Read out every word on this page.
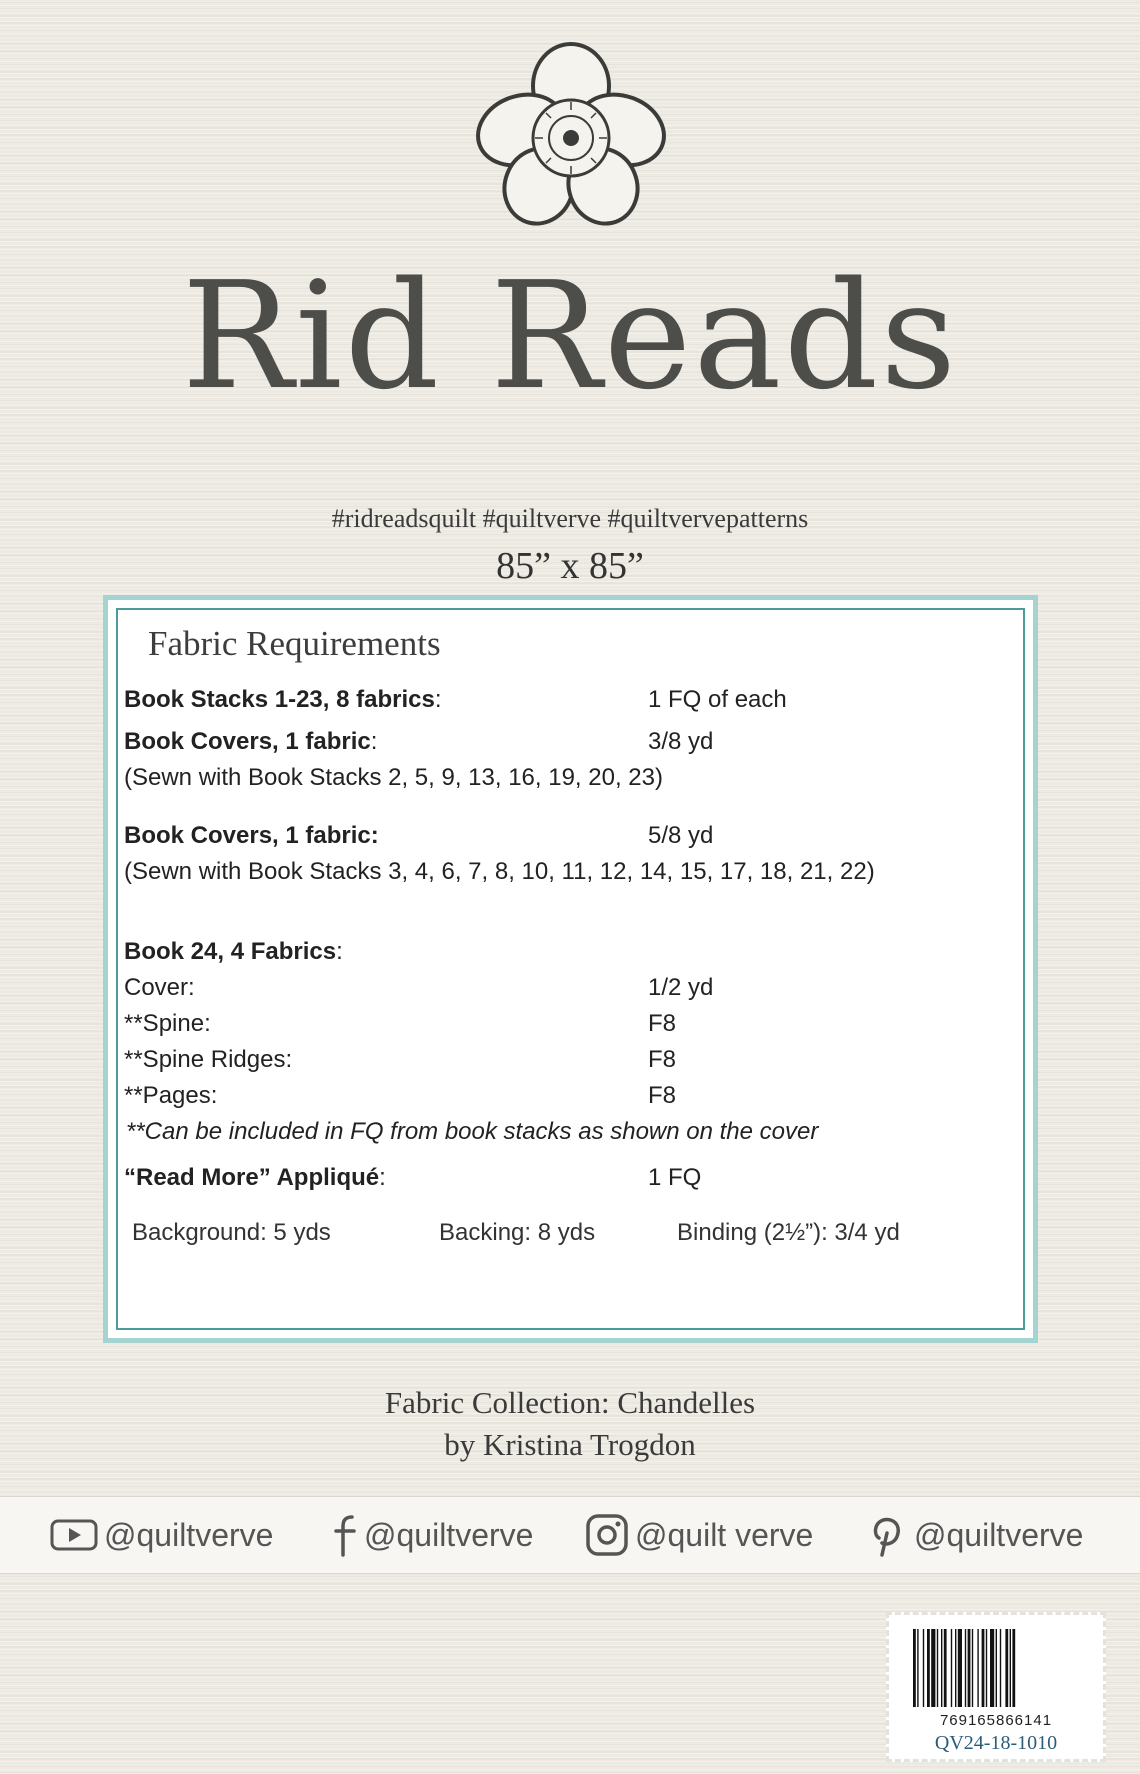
Rid Reads
#ridreadsquilt #quiltverve #quiltvervepatterns
85” x 85”
Fabric Requirements
Book Stacks 1-23, 8 fabrics:	1 FQ of each
Book Covers, 1 fabric:	3/8 yd
(Sewn with Book Stacks 2, 5, 9, 13, 16, 19, 20, 23)
Book Covers, 1 fabric:	5/8 yd
(Sewn with Book Stacks 3, 4, 6, 7, 8, 10, 11, 12, 14, 15, 17, 18, 21, 22)
Book 24, 4 Fabrics:
Cover:	1/2 yd
**Spine:	F8
**Spine Ridges:	F8
**Pages:	F8
**Can be included in FQ from book stacks as shown on the cover
“Read More” Appliqué:	1 FQ
Background: 5 yds	Backing: 8 yds	Binding (2½”): 3/4 yd
Fabric Collection: Chandelles
by Kristina Trogdon
@quiltverve	@quiltverve	@quilt verve	@quiltverve
769165866141
QV24-18-1010
